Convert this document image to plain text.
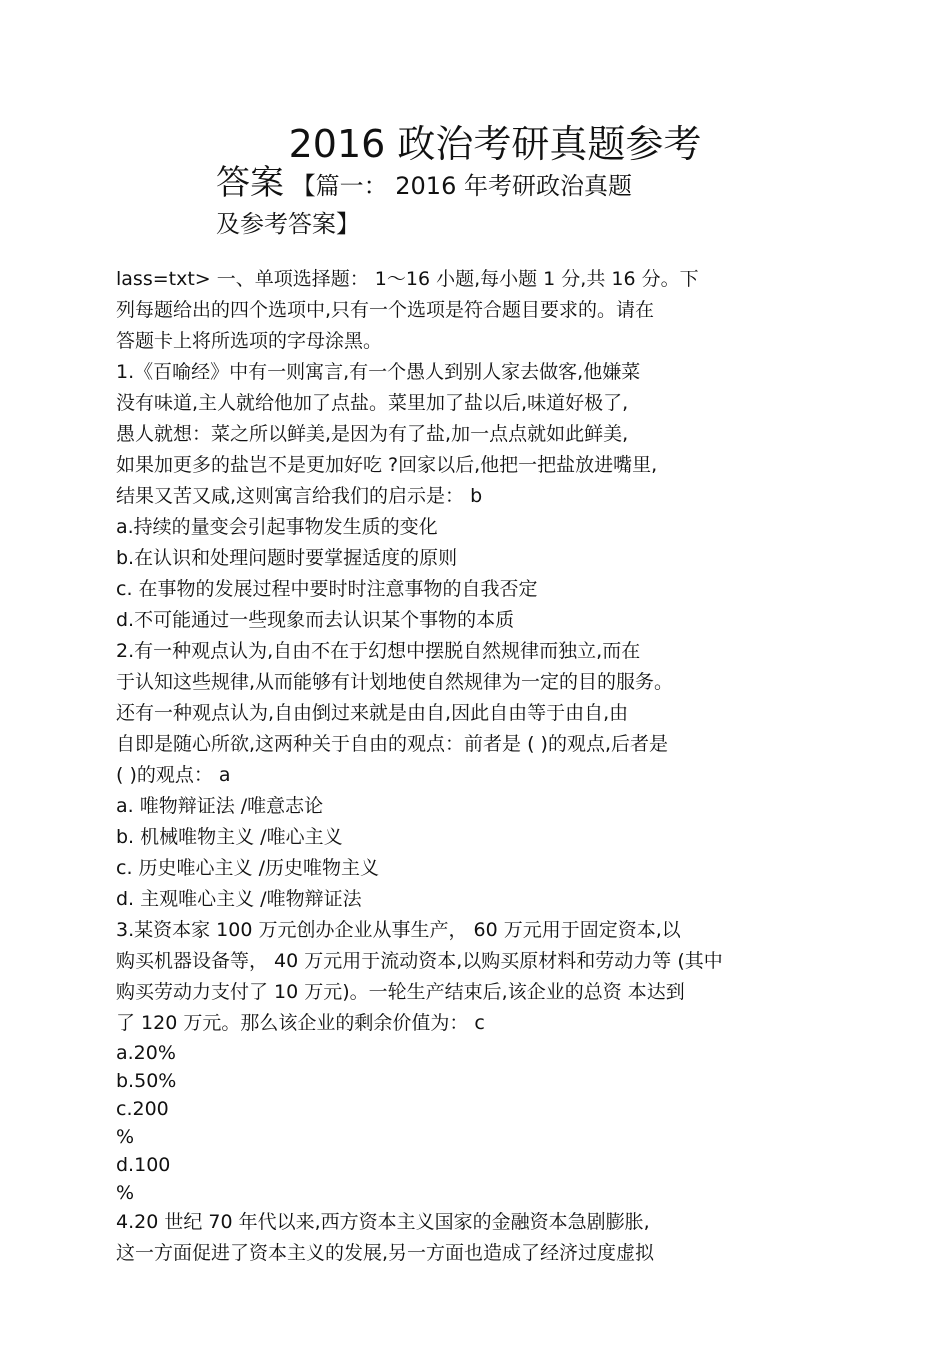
2016 政治考研真题参考
答案 【篇一： 2016 年考研政治真题
及参考答案】
lass=txt> 一、单项选择题： 1～16 小题,每小题 1 分,共 16 分。下
列每题给出的四个选项中,只有一个选项是符合题目要求的。请在
答题卡上将所选项的字母涂黑。
1.《百喻经》中有一则寓言,有一个愚人到别人家去做客,他嫌菜
没有味道,主人就给他加了点盐。菜里加了盐以后,味道好极了,
愚人就想：菜之所以鲜美,是因为有了盐,加一点点就如此鲜美,
如果加更多的盐岂不是更加好吃 ?回家以后,他把一把盐放进嘴里,
结果又苦又咸,这则寓言给我们的启示是： b
a.持续的量变会引起事物发生质的变化
b.在认识和处理问题时要掌握适度的原则
c. 在事物的发展过程中要时时注意事物的自我否定
d.不可能通过一些现象而去认识某个事物的本质
2.有一种观点认为,自由不在于幻想中摆脱自然规律而独立,而在
于认知这些规律,从而能够有计划地使自然规律为一定的目的服务。
还有一种观点认为,自由倒过来就是由自,因此自由等于由自,由
自即是随心所欲,这两种关于自由的观点：前者是 ( )的观点,后者是
( )的观点： a
a. 唯物辩证法 /唯意志论
b. 机械唯物主义 /唯心主义
c. 历史唯心主义 /历史唯物主义
d. 主观唯心主义 /唯物辩证法
3.某资本家 100 万元创办企业从事生产， 60 万元用于固定资本,以
购买机器设备等， 40 万元用于流动资本,以购买原材料和劳动力等 (其中
购买劳动力支付了 10 万元)。一轮生产结束后,该企业的总资 本达到
了 120 万元。那么该企业的剩余价值为： c
a.20%
b.50%
c.200
%
d.100
%
4.20 世纪 70 年代以来,西方资本主义国家的金融资本急剧膨胀,
这一方面促进了资本主义的发展,另一方面也造成了经济过度虚拟
